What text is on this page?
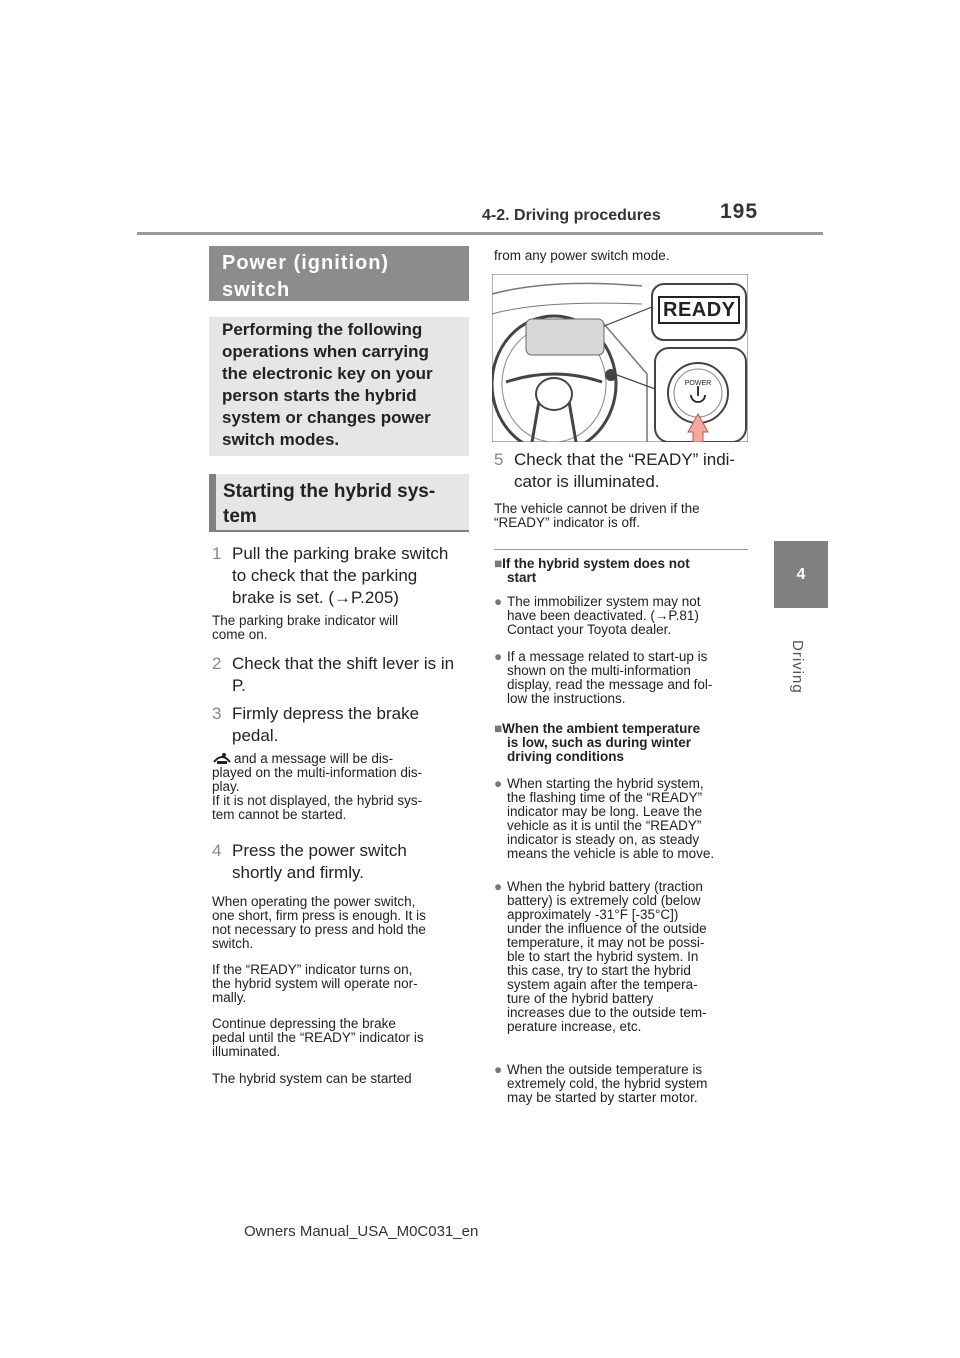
4-2. Driving procedures	195
4
Driving
Power (ignition) switch
Performing the following
operations when carrying
the electronic key on your
person starts the hybrid
system or changes power
switch modes.
Starting the hybrid sys-
tem
1 Pull the parking brake switch
to check that the parking
brake is set. (→P.205)
The parking brake indicator will
come on.
2 Check that the shift lever is in
P.
3 Firmly depress the brake
pedal.
and a message will be dis-
played on the multi-information dis-
play.
If it is not displayed, the hybrid sys-
tem cannot be started.
4 Press the power switch
shortly and firmly.
When operating the power switch,
one short, firm press is enough. It is
not necessary to press and hold the
switch.
If the “READY” indicator turns on,
the hybrid system will operate nor-
mally.
Continue depressing the brake
pedal until the “READY” indicator is
illuminated.
The hybrid system can be started
from any power switch mode.
READY
POWER
5 Check that the “READY” indi-
cator is illuminated.
The vehicle cannot be driven if the
“READY” indicator is off.
■If the hybrid system does not
start
● The immobilizer system may not
have been deactivated. (→P.81)
Contact your Toyota dealer.
● If a message related to start-up is
shown on the multi-information
display, read the message and fol-
low the instructions.
■When the ambient temperature
is low, such as during winter
driving conditions
● When starting the hybrid system,
the flashing time of the “READY”
indicator may be long. Leave the
vehicle as it is until the “READY”
indicator is steady on, as steady
means the vehicle is able to move.
● When the hybrid battery (traction
battery) is extremely cold (below
approximately -31°F [-35°C])
under the influence of the outside
temperature, it may not be possi-
ble to start the hybrid system. In
this case, try to start the hybrid
system again after the tempera-
ture of the hybrid battery
increases due to the outside tem-
perature increase, etc.
● When the outside temperature is
extremely cold, the hybrid system
may be started by starter motor.
Owners Manual_USA_M0C031_en
